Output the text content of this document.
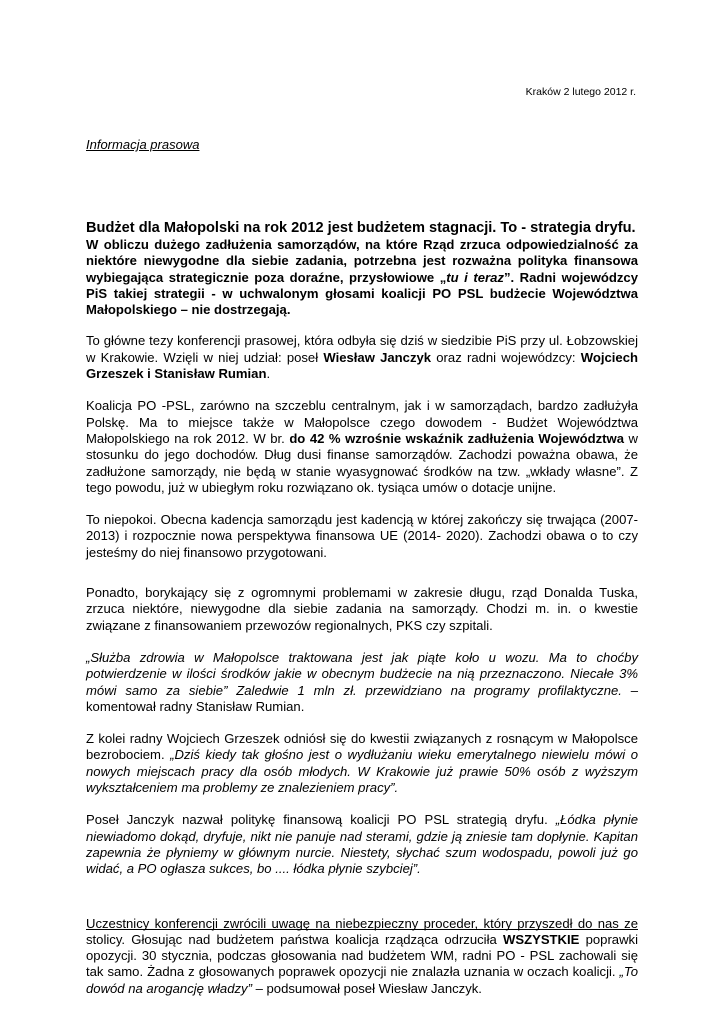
Kraków 2 lutego 2012 r.

Informacja prasowa

Budżet dla Małopolski na rok 2012 jest budżetem stagnacji. To - strategia dryfu.

W obliczu dużego zadłużenia samorządów, na które Rząd zrzuca odpowiedzialność za niektóre niewygodne dla siebie zadania, potrzebna jest rozważna polityka finansowa wybiegająca strategicznie poza doraźne, przysłowiowe „tu i teraz”. Radni wojewódzcy PiS takiej strategii - w uchwalonym głosami koalicji PO PSL budżecie Województwa Małopolskiego – nie dostrzegają.

To główne tezy konferencji prasowej, która odbyła się dziś w siedzibie PiS przy ul. Łobzowskiej w Krakowie. Wzięli w niej udział: poseł Wiesław Janczyk oraz radni wojewódzcy: Wojciech Grzeszek i Stanisław Rumian.

Koalicja PO -PSL, zarówno na szczeblu centralnym, jak i w samorządach, bardzo zadłużyła Polskę. Ma to miejsce także w Małopolsce czego dowodem - Budżet Województwa Małopolskiego na rok 2012. W br. do 42 % wzrośnie wskaźnik zadłużenia Województwa w stosunku do jego dochodów. Dług dusi finanse samorządów. Zachodzi poważna obawa, że zadłużone samorządy, nie będą w stanie wyasygnować środków na tzw. „wkłady własne”. Z tego powodu, już w ubiegłym roku rozwiązano ok. tysiąca umów o dotacje unijne.

To niepokoi. Obecna kadencja samorządu jest kadencją w której zakończy się trwająca (2007- 2013) i rozpocznie nowa perspektywa finansowa UE (2014- 2020). Zachodzi obawa o to czy jesteśmy do niej finansowo przygotowani.

Ponadto, borykający się z ogromnymi problemami w zakresie długu, rząd Donalda Tuska, zrzuca niektóre, niewygodne dla siebie zadania na samorządy. Chodzi m. in. o kwestie związane z finansowaniem przewozów regionalnych, PKS czy szpitali.

„Służba zdrowia w Małopolsce traktowana jest jak piąte koło u wozu. Ma to choćby potwierdzenie w ilości środków jakie w obecnym budżecie na nią przeznaczono. Niecałe 3% mówi samo za siebie” Zaledwie 1 mln zł. przewidziano na programy profilaktyczne. – komentował radny Stanisław Rumian.

Z kolei radny Wojciech Grzeszek odniósł się do kwestii związanych z rosnącym w Małopolsce bezrobociem. „Dziś kiedy tak głośno jest o wydłużaniu wieku emerytalnego niewielu mówi o nowych miejscach pracy dla osób młodych. W Krakowie już prawie 50% osób z wyższym wykształceniem ma problemy ze znalezieniem pracy”.

Poseł Janczyk nazwał politykę finansową koalicji PO PSL strategią dryfu. „Łódka płynie niewiadomo dokąd, dryfuje, nikt nie panuje nad sterami, gdzie ją zniesie tam dopłynie. Kapitan zapewnia że płyniemy w głównym nurcie. Niestety, słychać szum wodospadu, powoli już go widać, a PO ogłasza sukces, bo .... łódka płynie szybciej”.

Uczestnicy konferencji zwrócili uwagę na niebezpieczny proceder, który przyszedł do nas ze stolicy. Głosując nad budżetem państwa koalicja rządząca odrzuciła WSZYSTKIE poprawki opozycji. 30 stycznia, podczas głosowania nad budżetem WM, radni PO - PSL zachowali się tak samo. Żadna z głosowanych poprawek opozycji nie znalazła uznania w oczach koalicji. „To dowód na arogancję władzy” – podsumował poseł Wiesław Janczyk.
